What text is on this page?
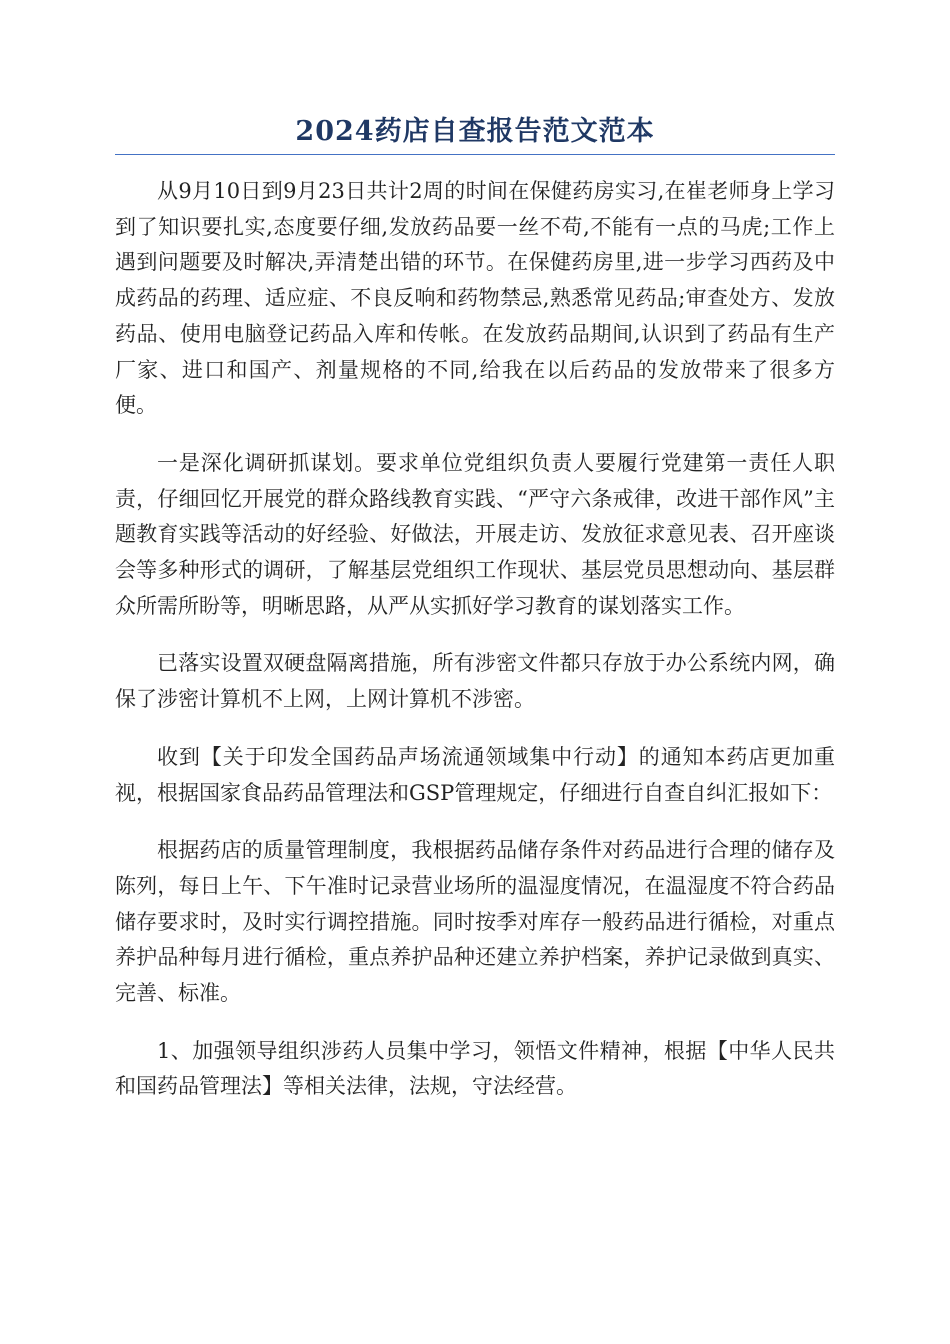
2024药店自查报告范文范本

从9月10日到9月23日共计2周的时间在保健药房实习,在崔老师身上学习到了知识要扎实,态度要仔细,发放药品要一丝不苟,不能有一点的马虎;工作上遇到问题要及时解决,弄清楚出错的环节。在保健药房里,进一步学习西药及中成药品的药理、适应症、不良反响和药物禁忌,熟悉常见药品;审查处方、发放药品、使用电脑登记药品入库和传帐。在发放药品期间,认识到了药品有生产厂家、进口和国产、剂量规格的不同,给我在以后药品的发放带来了很多方便。

一是深化调研抓谋划。要求单位党组织负责人要履行党建第一责任人职责，仔细回忆开展党的群众路线教育实践、“严守六条戒律，改进干部作风”主题教育实践等活动的好经验、好做法，开展走访、发放征求意见表、召开座谈会等多种形式的调研，了解基层党组织工作现状、基层党员思想动向、基层群众所需所盼等，明晰思路，从严从实抓好学习教育的谋划落实工作。

已落实设置双硬盘隔离措施，所有涉密文件都只存放于办公系统内网，确保了涉密计算机不上网，上网计算机不涉密。

收到【关于印发全国药品声场流通领域集中行动】的通知本药店更加重视，根据国家食品药品管理法和GSP管理规定，仔细进行自查自纠汇报如下：

根据药店的质量管理制度，我根据药品储存条件对药品进行合理的储存及陈列，每日上午、下午准时记录营业场所的温湿度情况，在温湿度不符合药品储存要求时，及时实行调控措施。同时按季对库存一般药品进行循检，对重点养护品种每月进行循检，重点养护品种还建立养护档案，养护记录做到真实、完善、标准。

1、加强领导组织涉药人员集中学习，领悟文件精神，根据【中华人民共和国药品管理法】等相关法律，法规，守法经营。
